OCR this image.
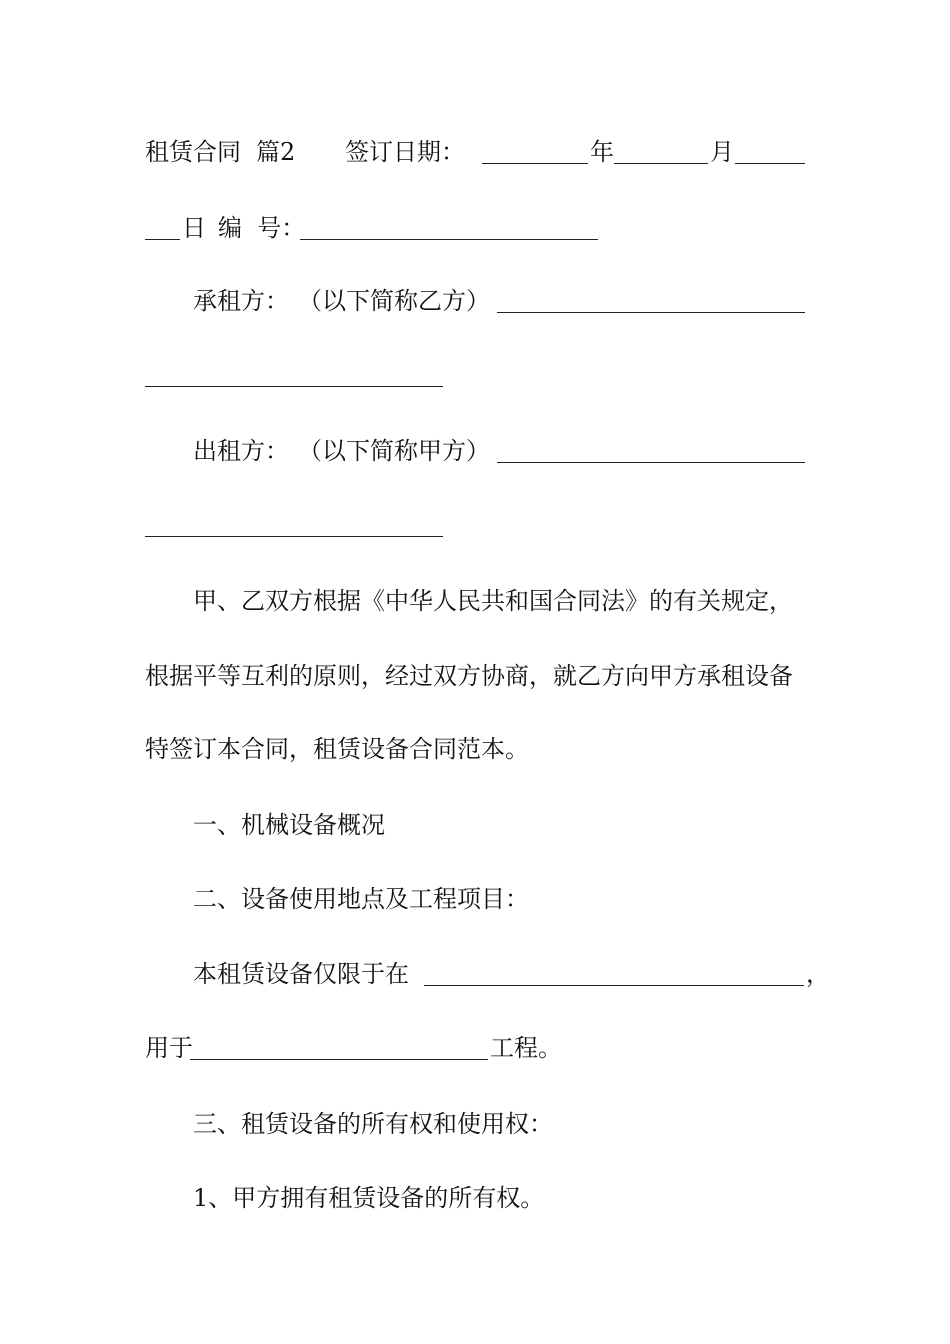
租赁合同 篇2 签订日期：	年	月
日 编  号：
承租方： （以下简称乙方）
出租方： （以下简称甲方）
甲、乙双方根据《中华人民共和国合同法》的有关规定，
根据平等互利的原则，经过双方协商，就乙方向甲方承租设备
特签订本合同，租赁设备合同范本。
一、机械设备概况
二、设备使用地点及工程项目：
本租赁设备仅限于在	，
用于	工程。
三、租赁设备的所有权和使用权：
1、甲方拥有租赁设备的所有权。
